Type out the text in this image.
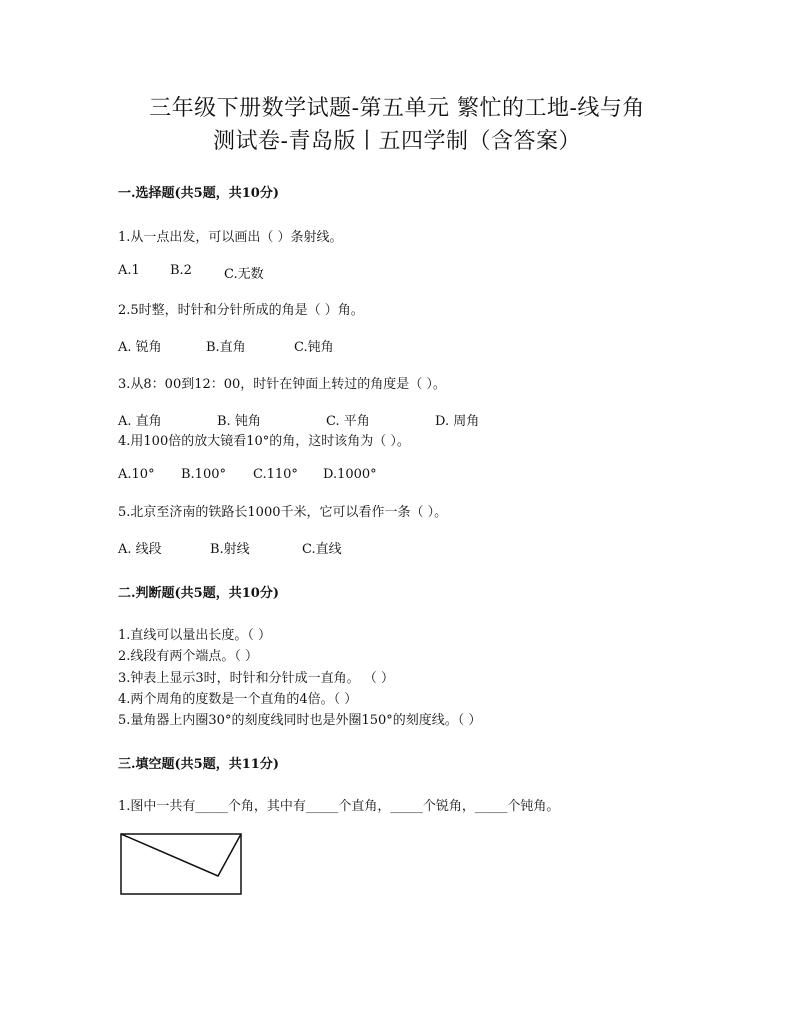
三年级下册数学试题-第五单元 繁忙的工地-线与角
测试卷-青岛版丨五四学制（含答案）
一.选择题(共5题，共10分)
1.从一点出发，可以画出（ ）条射线。
A.1 B.2 C.无数
2.5时整，时针和分针所成的角是（ ）角。
A. 锐角	B.直角	C.钝角
3.从8：00到12：00，时针在钟面上转过的角度是（ ）。
A. 直角	B. 钝角	C. 平角	D. 周角
4.用100倍的放大镜看10°的角，这时该角为（ ）。
A.10° B.100° C.110° D.1000°
5.北京至济南的铁路长1000千米，它可以看作一条（ ）。
A. 线段	B.射线	C.直线
二.判断题(共5题，共10分)
1.直线可以量出长度。（ ）
2.线段有两个端点。（ ）
3.钟表上显示3时，时针和分针成一直角。 （ ）
4.两个周角的度数是一个直角的4倍。（ ）
5.量角器上内圈30°的刻度线同时也是外圈150°的刻度线。（ ）
三.填空题(共5题，共11分)
1.图中一共有_____个角，其中有_____个直角，_____个锐角，_____个钝角。
